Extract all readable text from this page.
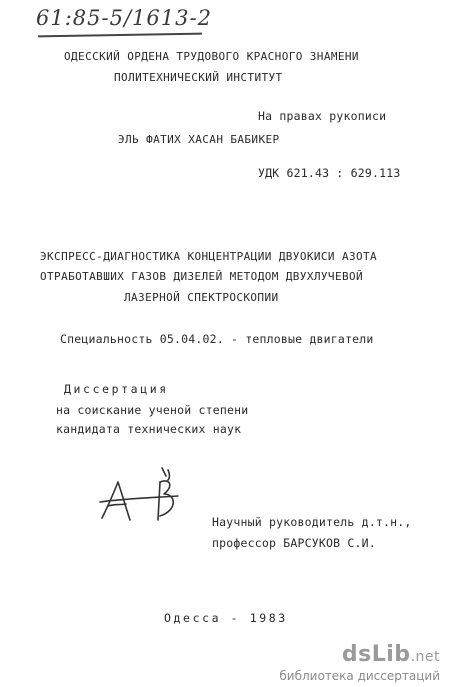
61:85-5/1613-2
ОДЕССКИЙ ОРДЕНА ТРУДОВОГО КРАСНОГО ЗНАМЕНИ
ПОЛИТЕХНИЧЕСКИЙ ИНСТИТУТ
На правах рукописи
ЭЛЬ ФАТИХ ХАСАН БАБИКЕР
УДК 621.43 : 629.113
ЭКСПРЕСС-ДИАГНОСТИКА КОНЦЕНТРАЦИИ ДВУОКИСИ АЗОТА
ОТРАБОТАВШИХ ГАЗОВ ДИЗЕЛЕЙ МЕТОДОМ ДВУХЛУЧЕВОЙ
ЛАЗЕРНОЙ СПЕКТРОСКОПИИ
Специальность 05.04.02. - тепловые двигатели
Диссертация
на соискание ученой степени
кандидата технических наук
Научный руководитель д.т.н.,
профессор БАРСУКОВ С.И.
Одесса - 1983
dsLib.net
библиотека диссертаций
